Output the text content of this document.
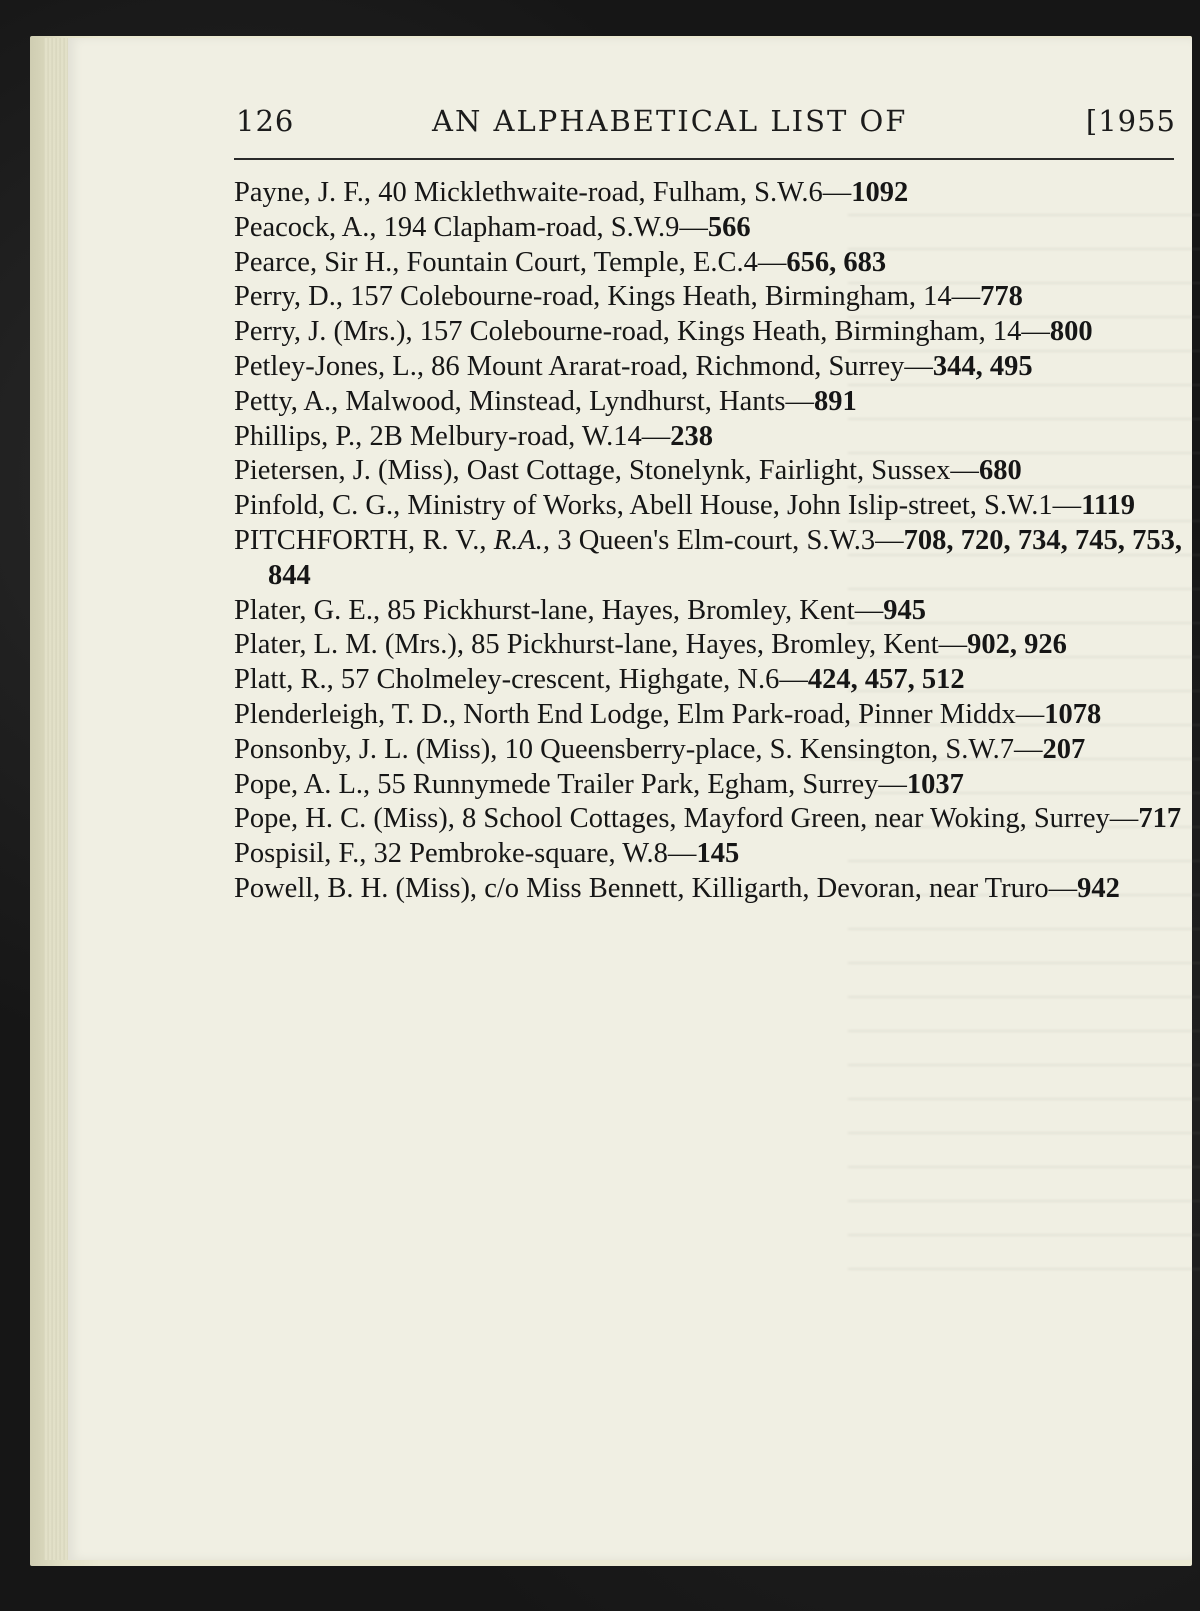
126	AN ALPHABETICAL LIST OF	[1955
Payne, J. F., 40 Micklethwaite-road, Fulham, S.W.6—1092
Peacock, A., 194 Clapham-road, S.W.9—566
Pearce, Sir H., Fountain Court, Temple, E.C.4—656, 683
Perry, D., 157 Colebourne-road, Kings Heath, Birmingham, 14—778
Perry, J. (Mrs.), 157 Colebourne-road, Kings Heath, Birmingham, 14—800
Petley-Jones, L., 86 Mount Ararat-road, Richmond, Surrey—344, 495
Petty, A., Malwood, Minstead, Lyndhurst, Hants—891
Phillips, P., 2B Melbury-road, W.14—238
Pietersen, J. (Miss), Oast Cottage, Stonelynk, Fairlight, Sussex—680
Pinfold, C. G., Ministry of Works, Abell House, John Islip-street, S.W.1—1119
PITCHFORTH, R. V., R.A., 3 Queen's Elm-court, S.W.3—708, 720, 734, 745, 753, 844
Plater, G. E., 85 Pickhurst-lane, Hayes, Bromley, Kent—945
Plater, L. M. (Mrs.), 85 Pickhurst-lane, Hayes, Bromley, Kent—902, 926
Platt, R., 57 Cholmeley-crescent, Highgate, N.6—424, 457, 512
Plenderleigh, T. D., North End Lodge, Elm Park-road, Pinner Middx—1078
Ponsonby, J. L. (Miss), 10 Queensberry-place, S. Kensington, S.W.7—207
Pope, A. L., 55 Runnymede Trailer Park, Egham, Surrey—1037
Pope, H. C. (Miss), 8 School Cottages, Mayford Green, near Woking, Surrey—717
Pospisil, F., 32 Pembroke-square, W.8—145
Powell, B. H. (Miss), c/o Miss Bennett, Killigarth, Devoran, near Truro—942
